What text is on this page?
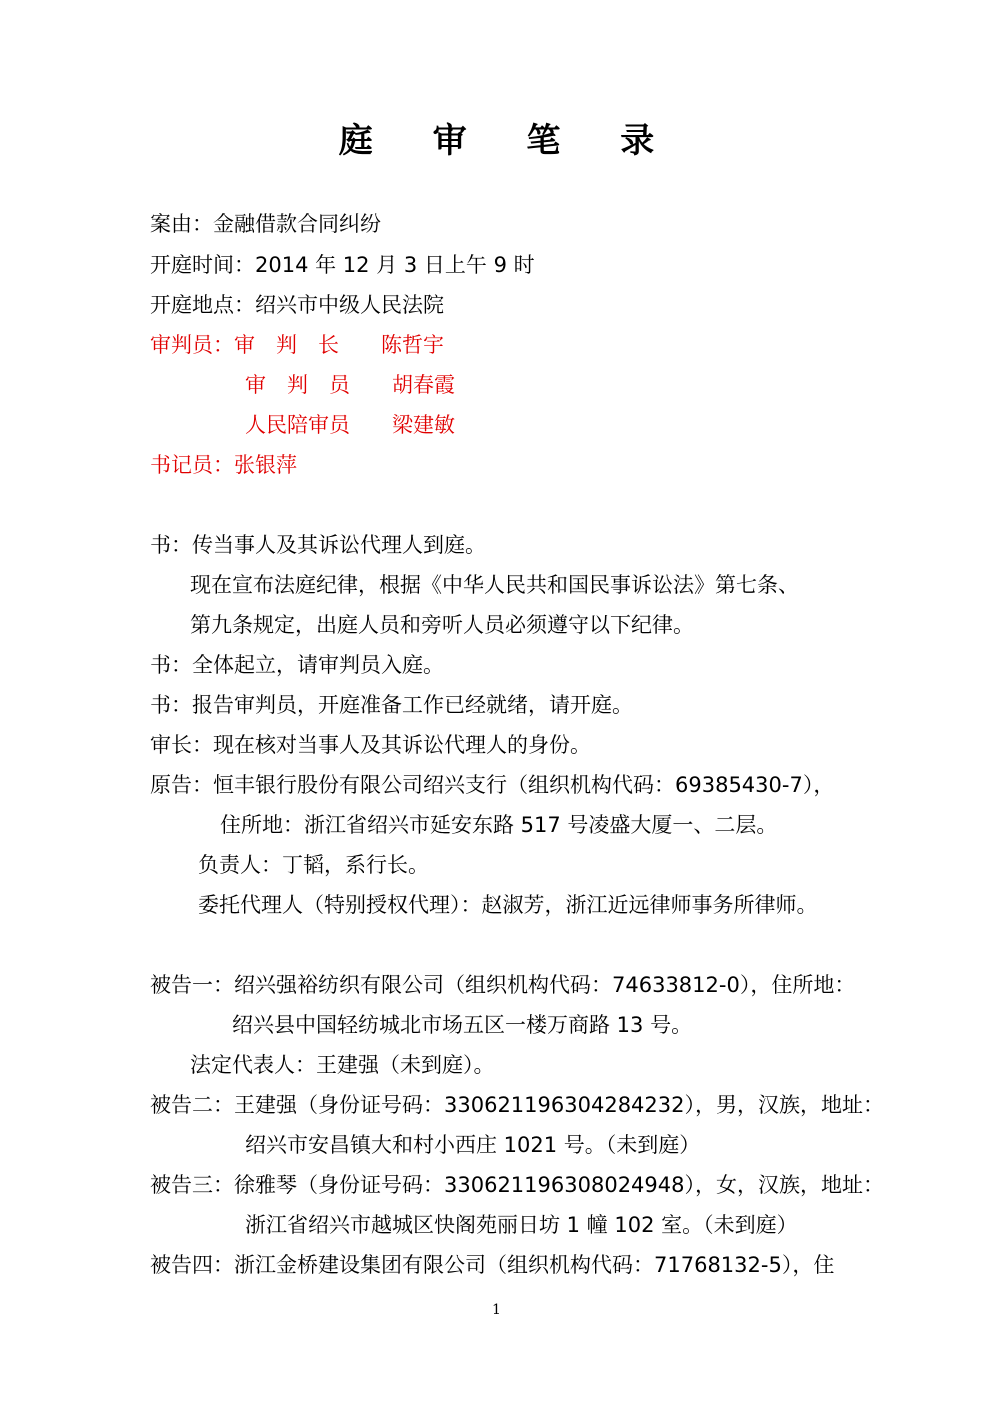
庭 审 笔 录
案由：金融借款合同纠纷
开庭时间：2014 年 12 月 3 日上午 9 时
开庭地点：绍兴市中级人民法院
审判员：审　判　长　　陈哲宇
审　判　员　　胡春霞
人民陪审员　　梁建敏
书记员：张银萍
书：传当事人及其诉讼代理人到庭。
现在宣布法庭纪律，根据《中华人民共和国民事诉讼法》第七条、
第九条规定，出庭人员和旁听人员必须遵守以下纪律。
书：全体起立，请审判员入庭。
书：报告审判员，开庭准备工作已经就绪，请开庭。
审长：现在核对当事人及其诉讼代理人的身份。
原告：恒丰银行股份有限公司绍兴支行（组织机构代码：69385430-7），
住所地：浙江省绍兴市延安东路 517 号凌盛大厦一、二层。
负责人：丁韬，系行长。
委托代理人（特别授权代理）：赵淑芳，浙江近远律师事务所律师。
被告一：绍兴强裕纺织有限公司（组织机构代码：74633812-0），住所地：
绍兴县中国轻纺城北市场五区一楼万商路 13 号。
法定代表人：王建强（未到庭）。
被告二：王建强（身份证号码：330621196304284232），男，汉族，地址：
绍兴市安昌镇大和村小西庄 1021 号。（未到庭）
被告三：徐雅琴（身份证号码：330621196308024948），女，汉族，地址：
浙江省绍兴市越城区快阁苑丽日坊 1 幢 102 室。（未到庭）
被告四：浙江金桥建设集团有限公司（组织机构代码：71768132-5），住
1
